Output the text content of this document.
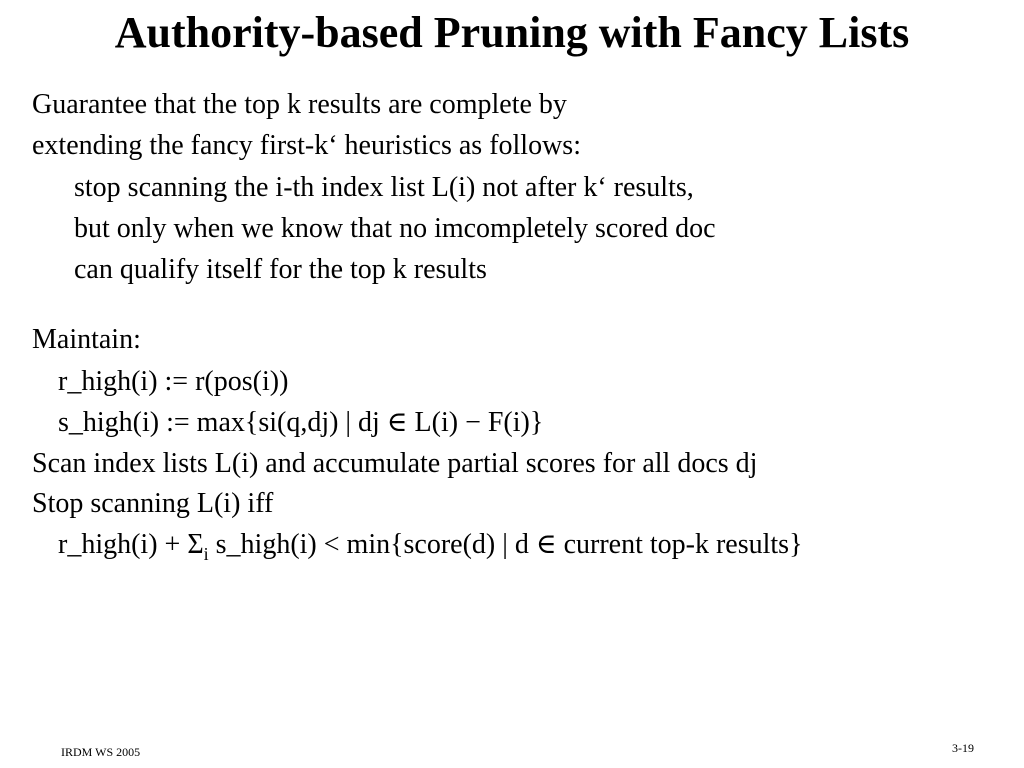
Authority-based Pruning with Fancy Lists
Guarantee that the top k results are complete by
extending the fancy first-k‘ heuristics as follows:
stop scanning the i-th index list L(i) not after k‘ results,
but only when we know that no imcompletely scored doc
can qualify itself for the top k results
Maintain:
r_high(i) := r(pos(i))
s_high(i) := max{si(q,dj) | dj ∈ L(i) − F(i)}
Scan index lists L(i) and accumulate partial scores for all docs dj
Stop scanning L(i) iff
r_high(i) + $\Sigma_i$ s_high(i) < min{score(d) | d ∈ current top-k results}
IRDM WS 2005	3-19
